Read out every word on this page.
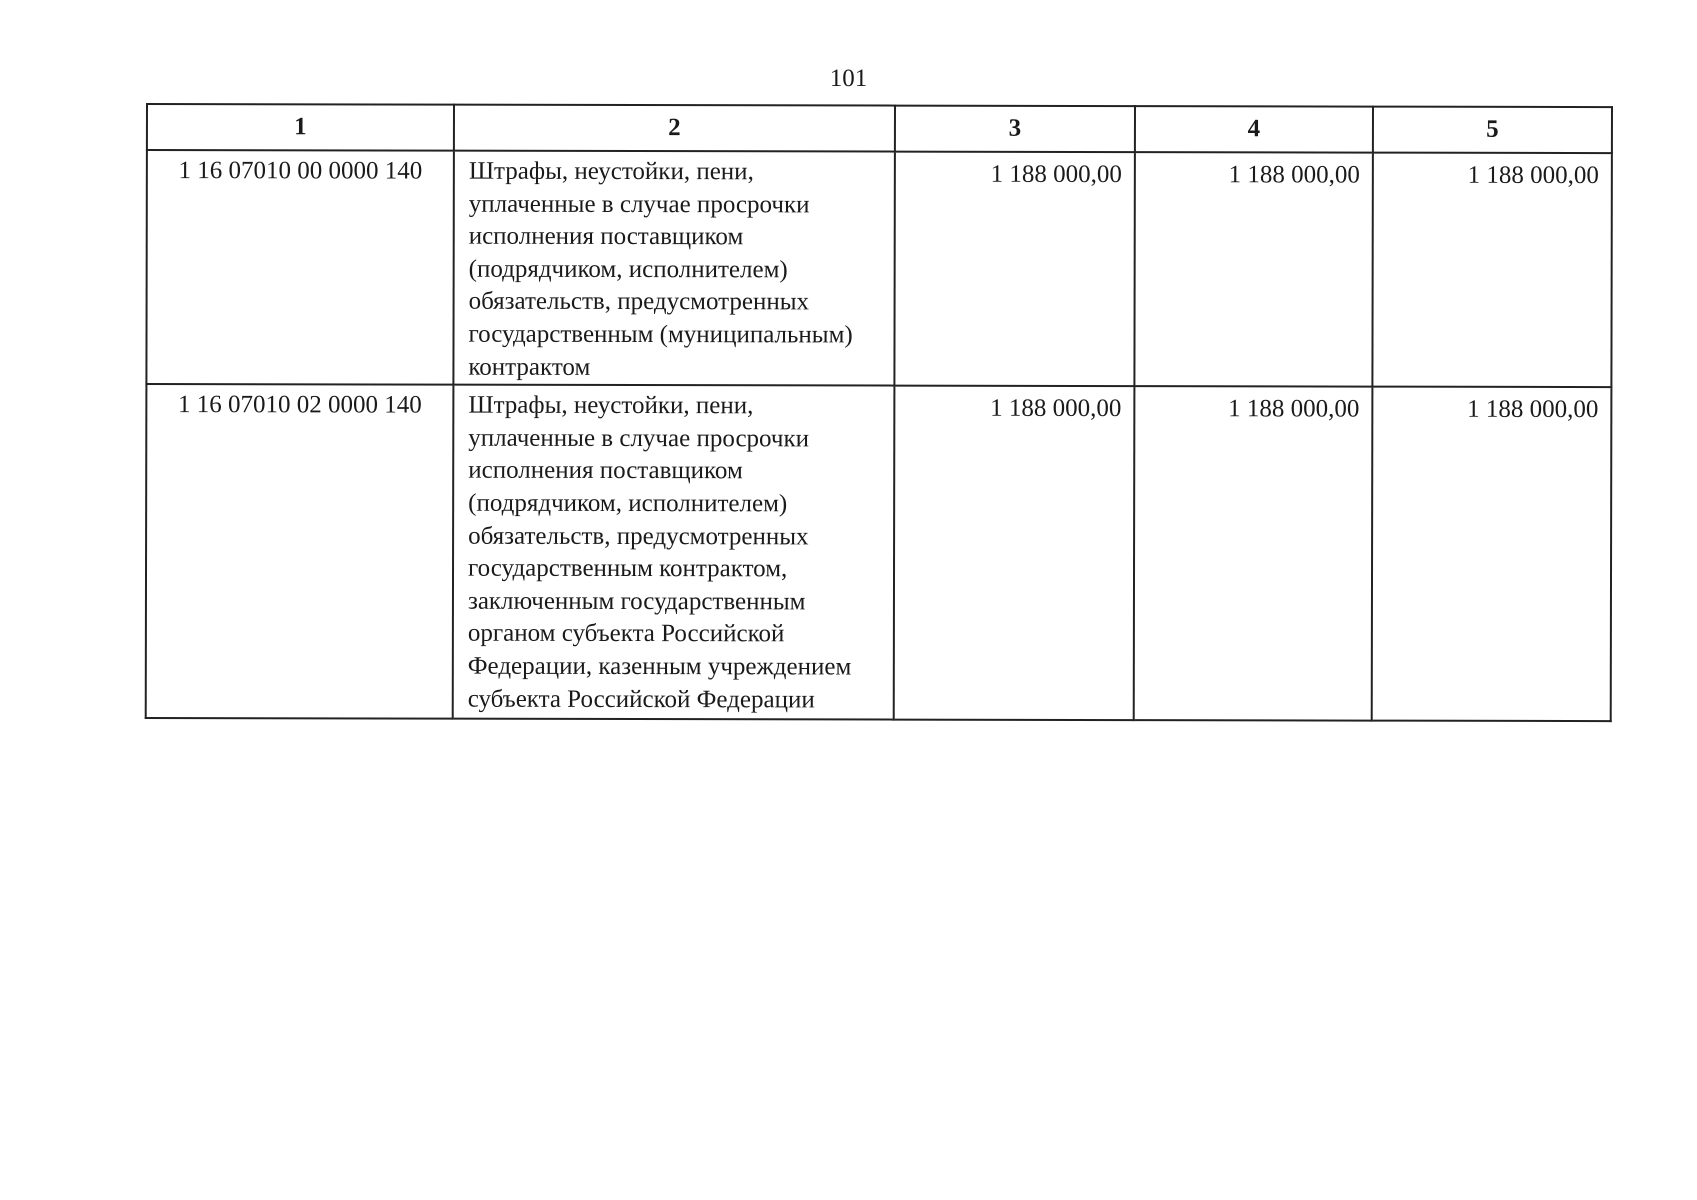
101
1	2	3	4	5
1 16 07010 00 0000 140	Штрафы, неустойки, пени, уплаченные в случае просрочки исполнения поставщиком (подрядчиком, исполнителем) обязательств, предусмотренных государственным (муниципальным) контрактом	1 188 000,00	1 188 000,00	1 188 000,00
1 16 07010 02 0000 140	Штрафы, неустойки, пени, уплаченные в случае просрочки исполнения поставщиком (подрядчиком, исполнителем) обязательств, предусмотренных государственным контрактом, заключенным государственным органом субъекта Российской Федерации, казенным учреждением субъекта Российской Федерации	1 188 000,00	1 188 000,00	1 188 000,00
